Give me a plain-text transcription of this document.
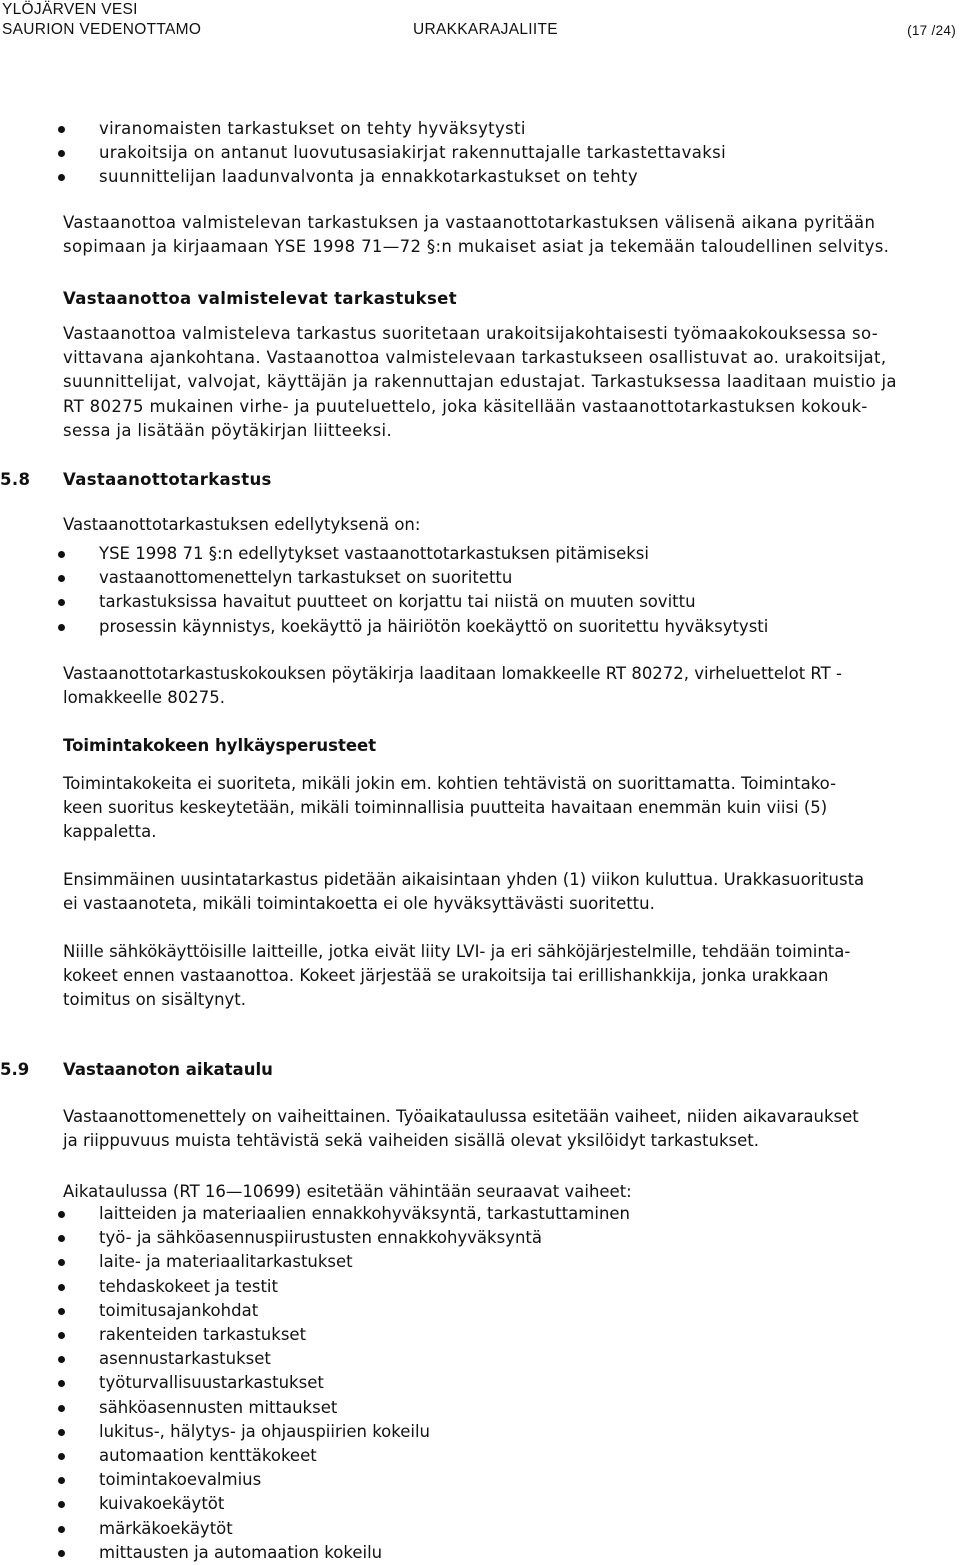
YLÖJÄRVEN VESI
SAURION VEDENOTTAMO	URAKKARAJALIITE	(17 /24)
viranomaisten tarkastukset on tehty hyväksytysti
urakoitsija on antanut luovutusasiakirjat rakennuttajalle tarkastettavaksi
suunnittelijan laadunvalvonta ja ennakkotarkastukset on tehty
Vastaanottoa valmistelevan tarkastuksen ja vastaanottotarkastuksen välisenä aikana pyritään
sopimaan ja kirjaamaan YSE 1998 71—72 §:n mukaiset asiat ja tekemään taloudellinen selvitys.
Vastaanottoa valmistelevat tarkastukset
Vastaanottoa valmisteleva tarkastus suoritetaan urakoitsijakohtaisesti työmaakokouksessa so-
vittavana ajankohtana. Vastaanottoa valmistelevaan tarkastukseen osallistuvat ao. urakoitsijat,
suunnittelijat, valvojat, käyttäjän ja rakennuttajan edustajat. Tarkastuksessa laaditaan muistio ja
RT 80275 mukainen virhe- ja puuteluettelo, joka käsitellään vastaanottotarkastuksen kokouk-
sessa ja lisätään pöytäkirjan liitteeksi.
5.8 Vastaanottotarkastus
Vastaanottotarkastuksen edellytyksenä on:
YSE 1998 71 §:n edellytykset vastaanottotarkastuksen pitämiseksi
vastaanottomenettelyn tarkastukset on suoritettu
tarkastuksissa havaitut puutteet on korjattu tai niistä on muuten sovittu
prosessin käynnistys, koekäyttö ja häiriötön koekäyttö on suoritettu hyväksytysti
Vastaanottotarkastuskokouksen pöytäkirja laaditaan lomakkeelle RT 80272, virheluettelot RT -
lomakkeelle 80275.
Toimintakokeen hylkäysperusteet
Toimintakokeita ei suoriteta, mikäli jokin em. kohtien tehtävistä on suorittamatta. Toimintako-
keen suoritus keskeytetään, mikäli toiminnallisia puutteita havaitaan enemmän kuin viisi (5)
kappaletta.
Ensimmäinen uusintatarkastus pidetään aikaisintaan yhden (1) viikon kuluttua. Urakkasuoritusta
ei vastaanoteta, mikäli toimintakoetta ei ole hyväksyttävästi suoritettu.
Niille sähkökäyttöisille laitteille, jotka eivät liity LVI- ja eri sähköjärjestelmille, tehdään toiminta-
kokeet ennen vastaanottoa. Kokeet järjestää se urakoitsija tai erillishankkija, jonka urakkaan
toimitus on sisältynyt.
5.9 Vastaanoton aikataulu
Vastaanottomenettely on vaiheittainen. Työaikataulussa esitetään vaiheet, niiden aikavaraukset
ja riippuvuus muista tehtävistä sekä vaiheiden sisällä olevat yksilöidyt tarkastukset.
Aikataulussa (RT 16—10699) esitetään vähintään seuraavat vaiheet:
laitteiden ja materiaalien ennakkohyväksyntä, tarkastuttaminen
työ- ja sähköasennuspiirustusten ennakkohyväksyntä
laite- ja materiaalitarkastukset
tehdaskokeet ja testit
toimitusajankohdat
rakenteiden tarkastukset
asennustarkastukset
työturvallisuustarkastukset
sähköasennusten mittaukset
lukitus-, hälytys- ja ohjauspiirien kokeilu
automaation kenttäkokeet
toimintakoevalmius
kuivakoekäytöt
märkäkoekäytöt
mittausten ja automaation kokeilu
